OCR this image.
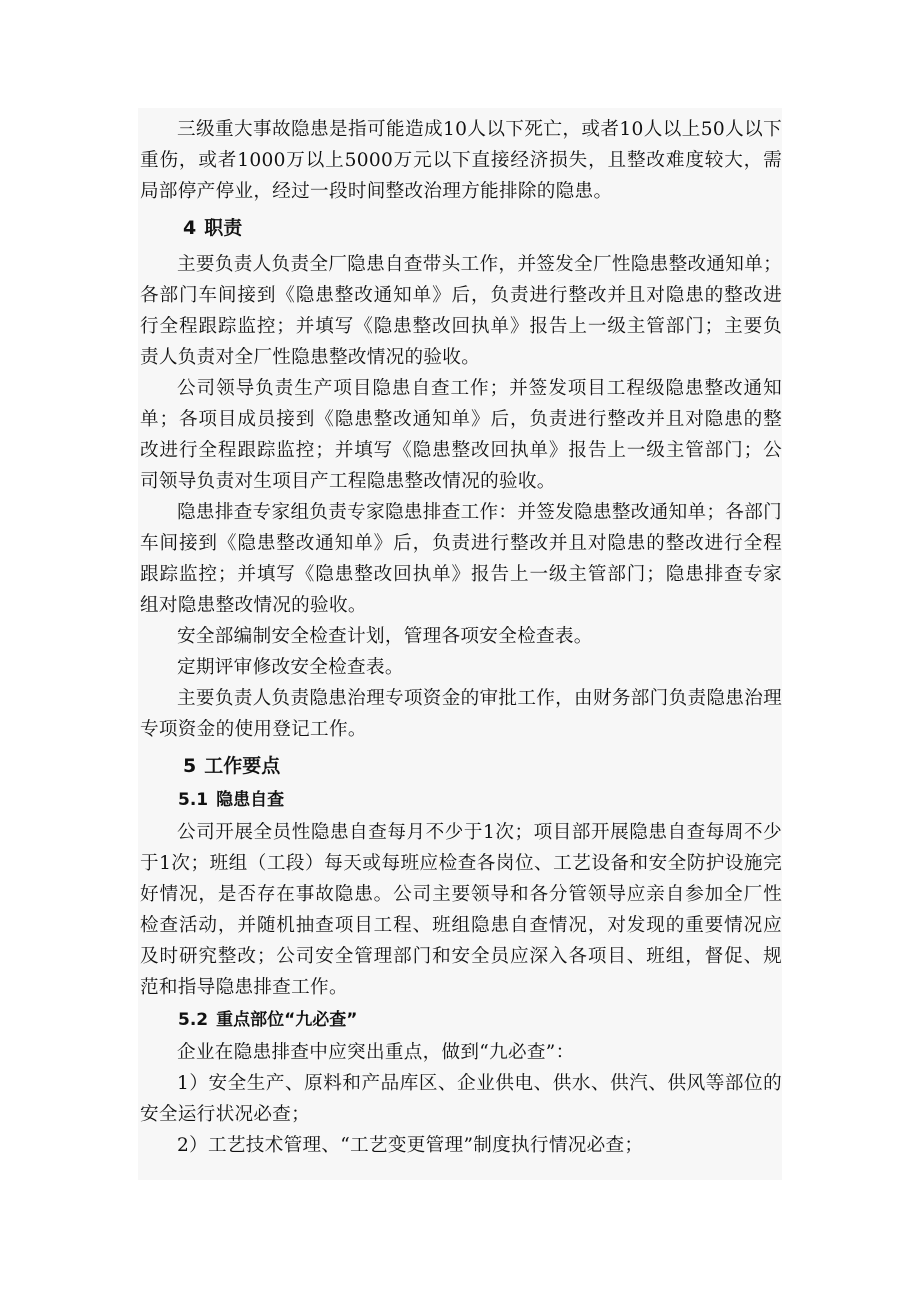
三级重大事故隐患是指可能造成10人以下死亡，或者10人以上50人以下重伤，或者1000万以上5000万元以下直接经济损失，且整改难度较大，需局部停产停业，经过一段时间整改治理方能排除的隐患。

4 职责

主要负责人负责全厂隐患自查带头工作，并签发全厂性隐患整改通知单；各部门车间接到《隐患整改通知单》后，负责进行整改并且对隐患的整改进行全程跟踪监控；并填写《隐患整改回执单》报告上一级主管部门；主要负责人负责对全厂性隐患整改情况的验收。

公司领导负责生产项目隐患自查工作；并签发项目工程级隐患整改通知单；各项目成员接到《隐患整改通知单》后，负责进行整改并且对隐患的整改进行全程跟踪监控；并填写《隐患整改回执单》报告上一级主管部门；公司领导负责对生项目产工程隐患整改情况的验收。

隐患排查专家组负责专家隐患排查工作：并签发隐患整改通知单；各部门车间接到《隐患整改通知单》后，负责进行整改并且对隐患的整改进行全程跟踪监控；并填写《隐患整改回执单》报告上一级主管部门；隐患排查专家组对隐患整改情况的验收。

安全部编制安全检查计划，管理各项安全检查表。

定期评审修改安全检查表。

主要负责人负责隐患治理专项资金的审批工作，由财务部门负责隐患治理专项资金的使用登记工作。

5 工作要点
5.1 隐患自查

公司开展全员性隐患自查每月不少于1次；项目部开展隐患自查每周不少于1次；班组（工段）每天或每班应检查各岗位、工艺设备和安全防护设施完好情况，是否存在事故隐患。公司主要领导和各分管领导应亲自参加全厂性检查活动，并随机抽查项目工程、班组隐患自查情况，对发现的重要情况应及时研究整改；公司安全管理部门和安全员应深入各项目、班组，督促、规范和指导隐患排查工作。

5.2 重点部位“九必查”

企业在隐患排查中应突出重点，做到“九必查”：

1）安全生产、原料和产品库区、企业供电、供水、供汽、供风等部位的安全运行状况必查；

2）工艺技术管理、“工艺变更管理”制度执行情况必查；
